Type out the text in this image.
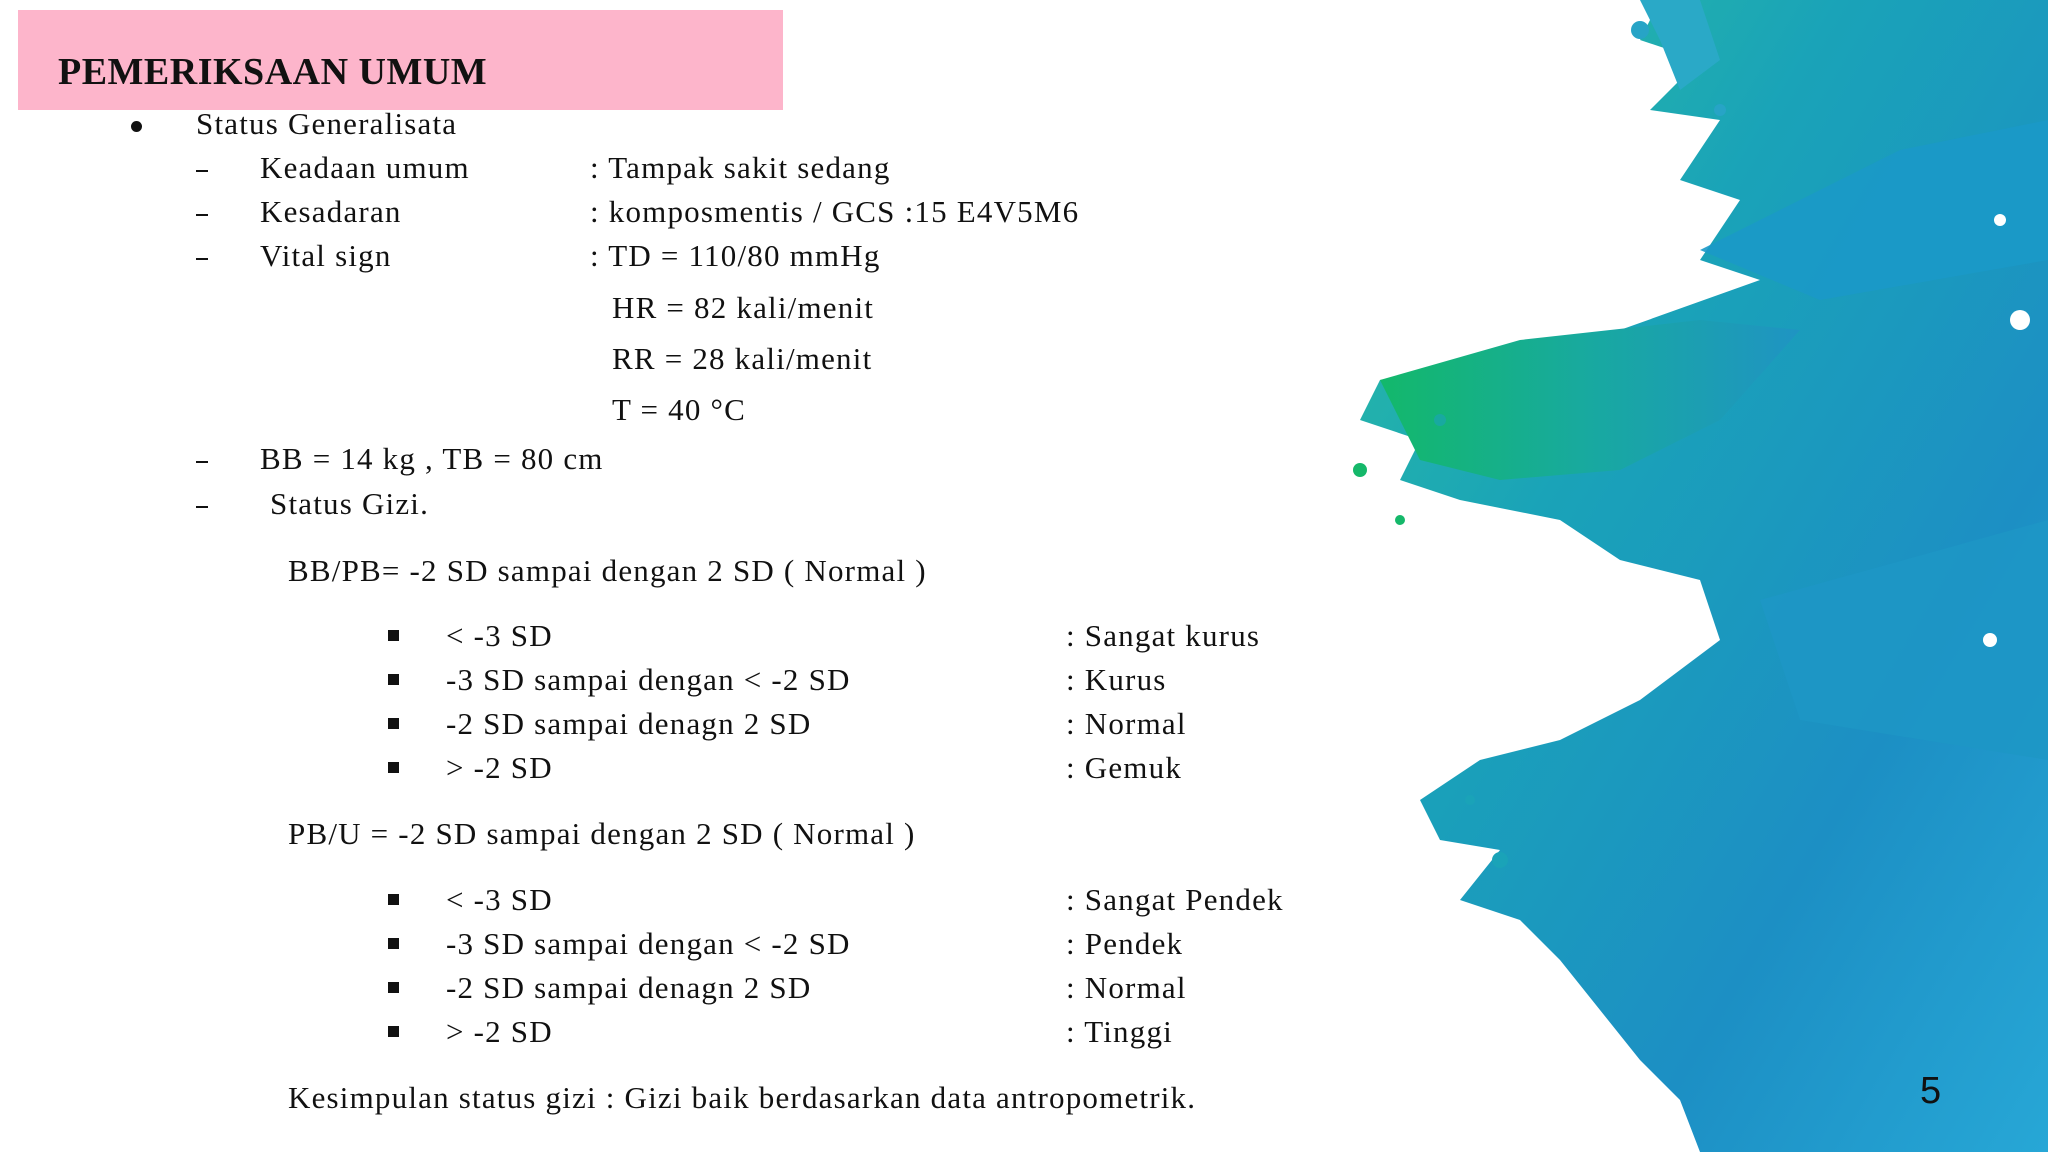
PEMERIKSAAN UMUM
Status Generalisata
Keadaan umum	: Tampak sakit sedang
Kesadaran	: komposmentis / GCS :15 E4V5M6
Vital sign	: TD = 110/80 mmHg
HR = 82 kali/menit
RR = 28 kali/menit
T = 40 °C
BB = 14 kg , TB = 80 cm
Status Gizi.
BB/PB= -2 SD sampai dengan 2 SD ( Normal )
< -3 SD	: Sangat kurus
-3 SD sampai dengan < -2 SD	: Kurus
-2 SD sampai denagn 2 SD	: Normal
> -2 SD	: Gemuk
PB/U = -2 SD sampai dengan 2 SD ( Normal )
< -3 SD	: Sangat Pendek
-3 SD sampai dengan < -2 SD	: Pendek
-2 SD sampai denagn 2 SD	: Normal
> -2 SD	: Tinggi
Kesimpulan status gizi : Gizi baik berdasarkan data antropometrik.	5
